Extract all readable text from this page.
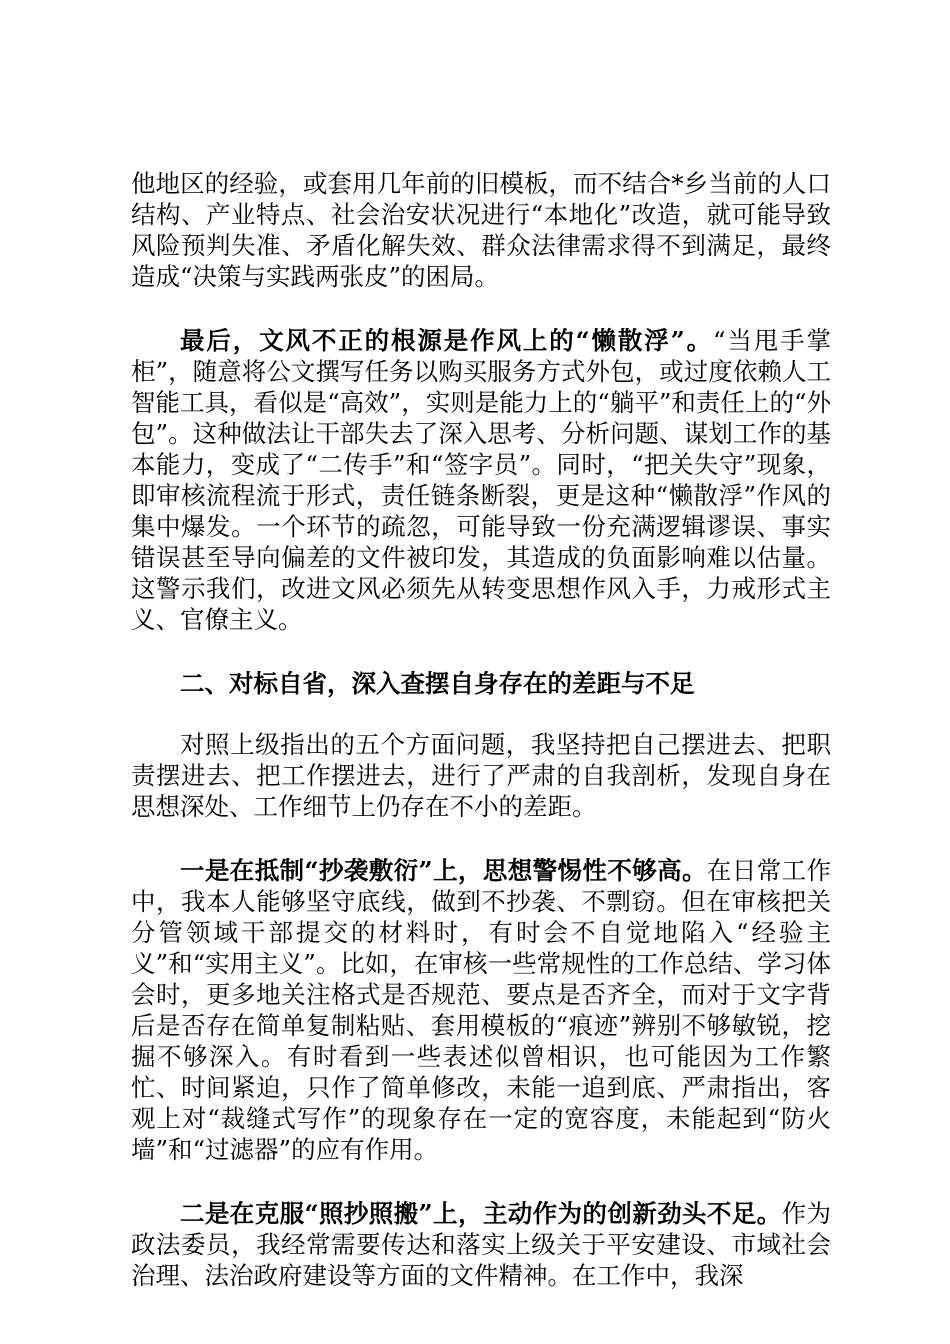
他地区的经验，或套用几年前的旧模板，而不结合*乡当前的人口结构、产业特点、社会治安状况进行“本地化”改造，就可能导致风险预判失准、矛盾化解失效、群众法律需求得不到满足，最终造成“决策与实践两张皮”的困局。

最后，文风不正的根源是作风上的“懒散浮”。“当甩手掌柜”，随意将公文撰写任务以购买服务方式外包，或过度依赖人工智能工具，看似是“高效”，实则是能力上的“躺平”和责任上的“外包”。这种做法让干部失去了深入思考、分析问题、谋划工作的基本能力，变成了“二传手”和“签字员”。同时，“把关失守”现象，即审核流程流于形式，责任链条断裂，更是这种“懒散浮”作风的集中爆发。一个环节的疏忽，可能导致一份充满逻辑谬误、事实错误甚至导向偏差的文件被印发，其造成的负面影响难以估量。这警示我们，改进文风必须先从转变思想作风入手，力戒形式主义、官僚主义。

二、对标自省，深入查摆自身存在的差距与不足

对照上级指出的五个方面问题，我坚持把自己摆进去、把职责摆进去、把工作摆进去，进行了严肃的自我剖析，发现自身在思想深处、工作细节上仍存在不小的差距。

一是在抵制“抄袭敷衍”上，思想警惕性不够高。在日常工作中，我本人能够坚守底线，做到不抄袭、不剽窃。但在审核把关分管领域干部提交的材料时，有时会不自觉地陷入“经验主义”和“实用主义”。比如，在审核一些常规性的工作总结、学习体会时，更多地关注格式是否规范、要点是否齐全，而对于文字背后是否存在简单复制粘贴、套用模板的“痕迹”辨别不够敏锐，挖掘不够深入。有时看到一些表述似曾相识，也可能因为工作繁忙、时间紧迫，只作了简单修改，未能一追到底、严肃指出，客观上对“裁缝式写作”的现象存在一定的宽容度，未能起到“防火墙”和“过滤器”的应有作用。

二是在克服“照抄照搬”上，主动作为的创新劲头不足。作为政法委员，我经常需要传达和落实上级关于平安建设、市域社会治理、法治政府建设等方面的文件精神。在工作中，我深
